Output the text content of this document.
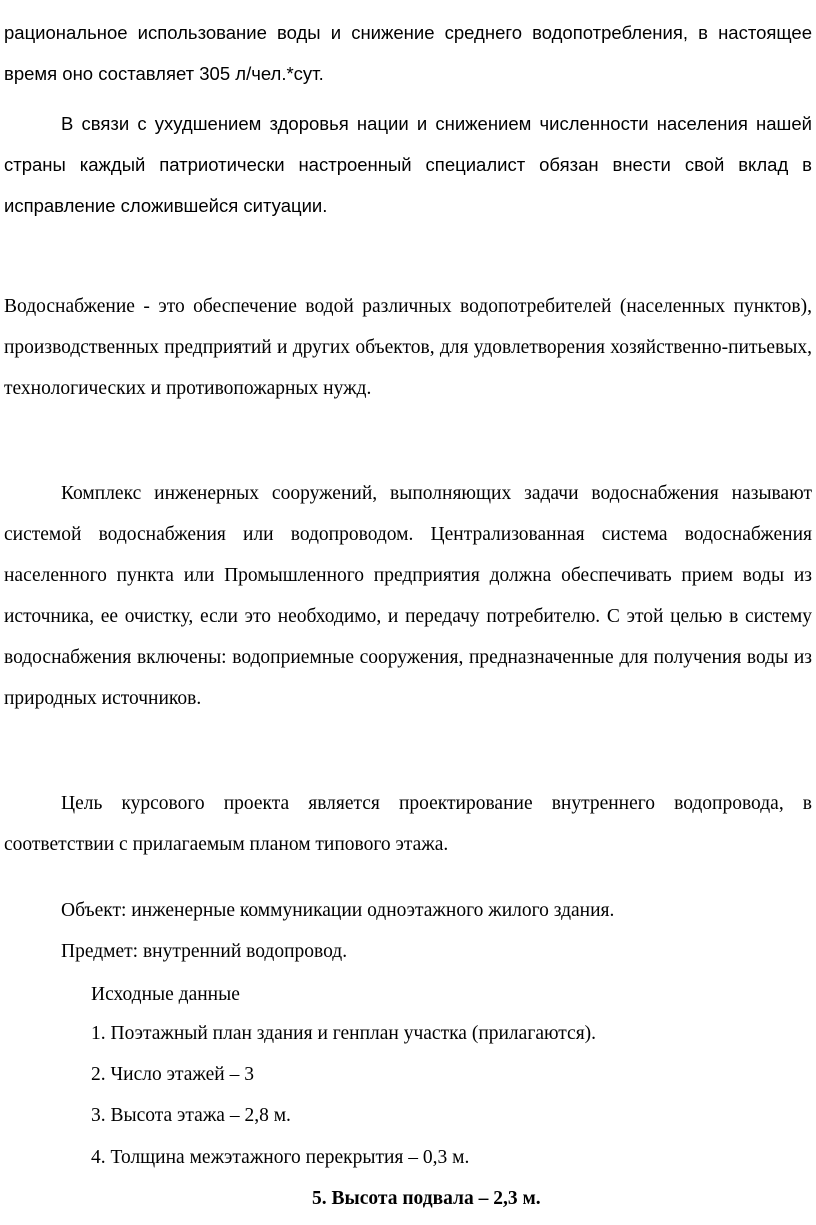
рациональное использование воды и снижение среднего водопотребления, в настоящее время оно составляет 305 л/чел.*сут.

В связи с ухудшением здоровья нации и снижением численности населения нашей страны каждый патриотически настроенный специалист обязан внести свой вклад в исправление сложившейся ситуации.

Водоснабжение - это обеспечение водой различных водопотребителей (населенных пунктов), производственных предприятий и других объектов, для удовлетворения хозяйственно-питьевых, технологических и противопожарных нужд.

Комплекс инженерных сооружений, выполняющих задачи водоснабжения называют системой водоснабжения или водопроводом. Централизованная система водоснабжения населенного пункта или Промышленного предприятия должна обеспечивать прием воды из источника, ее очистку, если это необходимо, и передачу потребителю. С этой целью в систему водоснабжения включены: водоприемные сооружения, предназначенные для получения воды из природных источников.

Цель курсового проекта является проектирование внутреннего водопровода, в соответствии с прилагаемым планом типового этажа.

Объект: инженерные коммуникации одноэтажного жилого здания.

Предмет: внутренний водопровод.

Исходные данные

1. Поэтажный план здания и генплан участка (прилагаются).

2. Число этажей – 3

3. Высота этажа – 2,8 м.

4. Толщина межэтажного перекрытия – 0,3 м.

5. Высота подвала – 2,3 м.
